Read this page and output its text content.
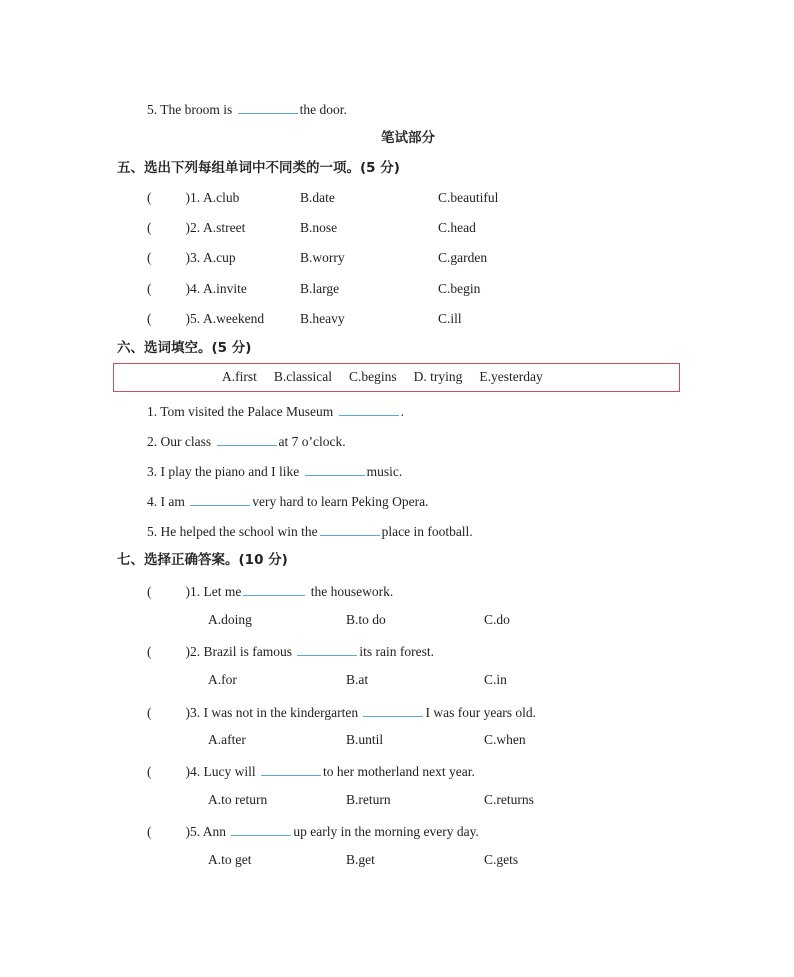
5. The broom is	the door.
笔试部分
五、选出下列每组单词中不同类的一项。(5 分)
(	)1. A.club	B.date	C.beautiful
(	)2. A.street	B.nose	C.head
(	)3. A.cup	B.worry	C.garden
(	)4. A.invite	B.large	C.begin
(	)5. A.weekend	B.heavy	C.ill
六、选词填空。(5 分)
A.first B.classical C.begins D. trying E.yesterday
1. Tom visited the Palace Museum	.
2. Our class	at 7 o’clock.
3. I play the piano and I like	music.
4. I am	very hard to learn Peking Opera.
5. He helped the school win the	place in football.
七、选择正确答案。(10 分)
(	)1. Let me	the housework.
A.doing	B.to do	C.do
(	)2. Brazil is famous	its rain forest.
A.for	B.at	C.in
(	)3. I was not in the kindergarten	I was four years old.
A.after	B.until	C.when
(	)4. Lucy will	to her motherland next year.
A.to return	B.return	C.returns
(	)5. Ann	up early in the morning every day.
A.to get	B.get	C.gets
